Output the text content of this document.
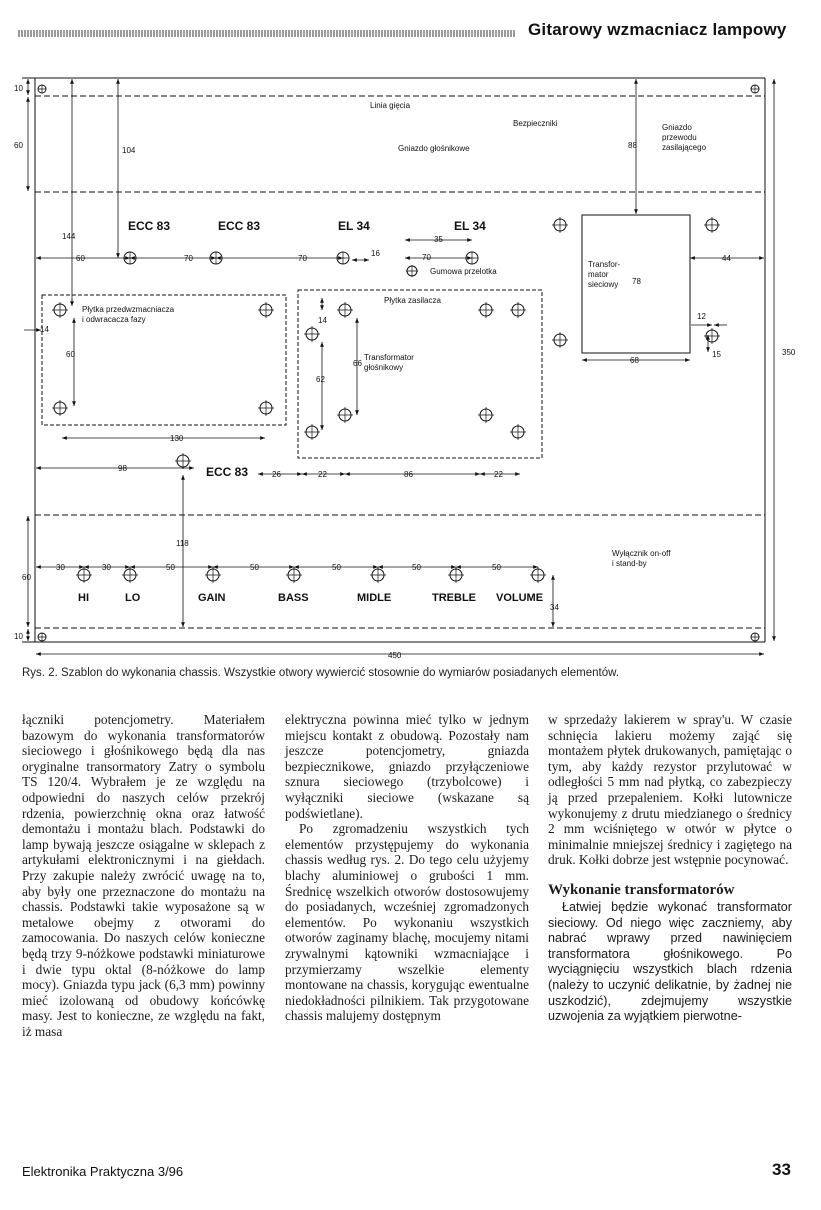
Gitarowy wzmacniacz lampowy
Linia gięcia
Bezpieczniki
Gniazdo głośnikowe
Gniazdo
przewodu
zasilającego
Transfor-
mator
sieciowy
Gumowa przelotka
Płytka zasilacza
Płytka przedwzmacniacza
i odwracacza fazy
Transformator
głośnikowy
Wyłącznik on-off
i stand-by
ECC 83	ECC 83	EL 34	EL 34
ECC 83
HI	LO	GAIN	BASS	MIDLE	TREBLE VOLUME
10
60
104
144
88
60	70	70
35
16	70	44
78
14
14
60
66
62
12
15
68
350
130
98
26	22	86	22
118
60
30	30	50	50	50	50	50
34
10
450
Rys. 2. Szablon do wykonania chassis. Wszystkie otwory wywiercić stosownie do wymiarów posiadanych elementów.

łączniki potencjometry. Materiałem bazowym do wykonania transformatorów sieciowego i głośnikowego będą dla nas oryginalne transormatory Zatry o symbolu TS 120/4. Wybrałem je ze względu na odpowiedni do naszych celów przekrój rdzenia, powierzchnię okna oraz łatwość demontażu i montażu blach. Podstawki do lamp bywają jeszcze osiągalne w sklepach z artykułami elektronicznymi i na giełdach. Przy zakupie należy zwrócić uwagę na to, aby były one przeznaczone do montażu na chassis. Podstawki takie wyposażone są w metalowe obejmy z otworami do zamocowania. Do naszych celów konieczne będą trzy 9-nóżkowe podstawki miniaturowe i dwie typu oktal (8-nóżkowe do lamp mocy). Gniazda typu jack (6,3 mm) powinny mieć izolowaną od obudowy końcówkę masy. Jest to konieczne, ze względu na fakt, iż masa

elektryczna powinna mieć tylko w jednym miejscu kontakt z obudową. Pozostały nam jeszcze potencjometry, gniazda bezpiecznikowe, gniazdo przyłączeniowe sznura sieciowego (trzybolcowe) i wyłączniki sieciowe (wskazane są podświetlane).

Po zgromadzeniu wszystkich tych elementów przystępujemy do wykonania chassis według rys. 2. Do tego celu użyjemy blachy aluminiowej o grubości 1 mm. Średnicę wszelkich otworów dostosowujemy do posiadanych, wcześniej zgromadzonych elementów. Po wykonaniu wszystkich otworów zaginamy blachę, mocujemy nitami zrywalnymi kątowniki wzmacniające i przymierzamy wszelkie elementy montowane na chassis, korygując ewentualne niedokładności pilnikiem. Tak przygotowane chassis malujemy dostępnym

w sprzedaży lakierem w spray'u. W czasie schnięcia lakieru możemy zająć się montażem płytek drukowanych, pamiętając o tym, aby każdy rezystor przylutować w odległości 5 mm nad płytką, co zabezpieczy ją przed przepaleniem. Kołki lutownicze wykonujemy z drutu miedzianego o średnicy 2 mm wciśniętego w otwór w płytce o minimalnie mniejszej średnicy i zagiętego na druk. Kołki dobrze jest wstępnie pocynować.

Wykonanie transformatorów

Łatwiej będzie wykonać transformator sieciowy. Od niego więc zaczniemy, aby nabrać wprawy przed nawinięciem transformatora głośnikowego. Po wyciągnięciu wszystkich blach rdzenia (należy to uczynić delikatnie, by żadnej nie uszkodzić), zdejmujemy wszystkie uzwojenia za wyjątkiem pierwotne-

Elektronika Praktyczna 3/96	33
